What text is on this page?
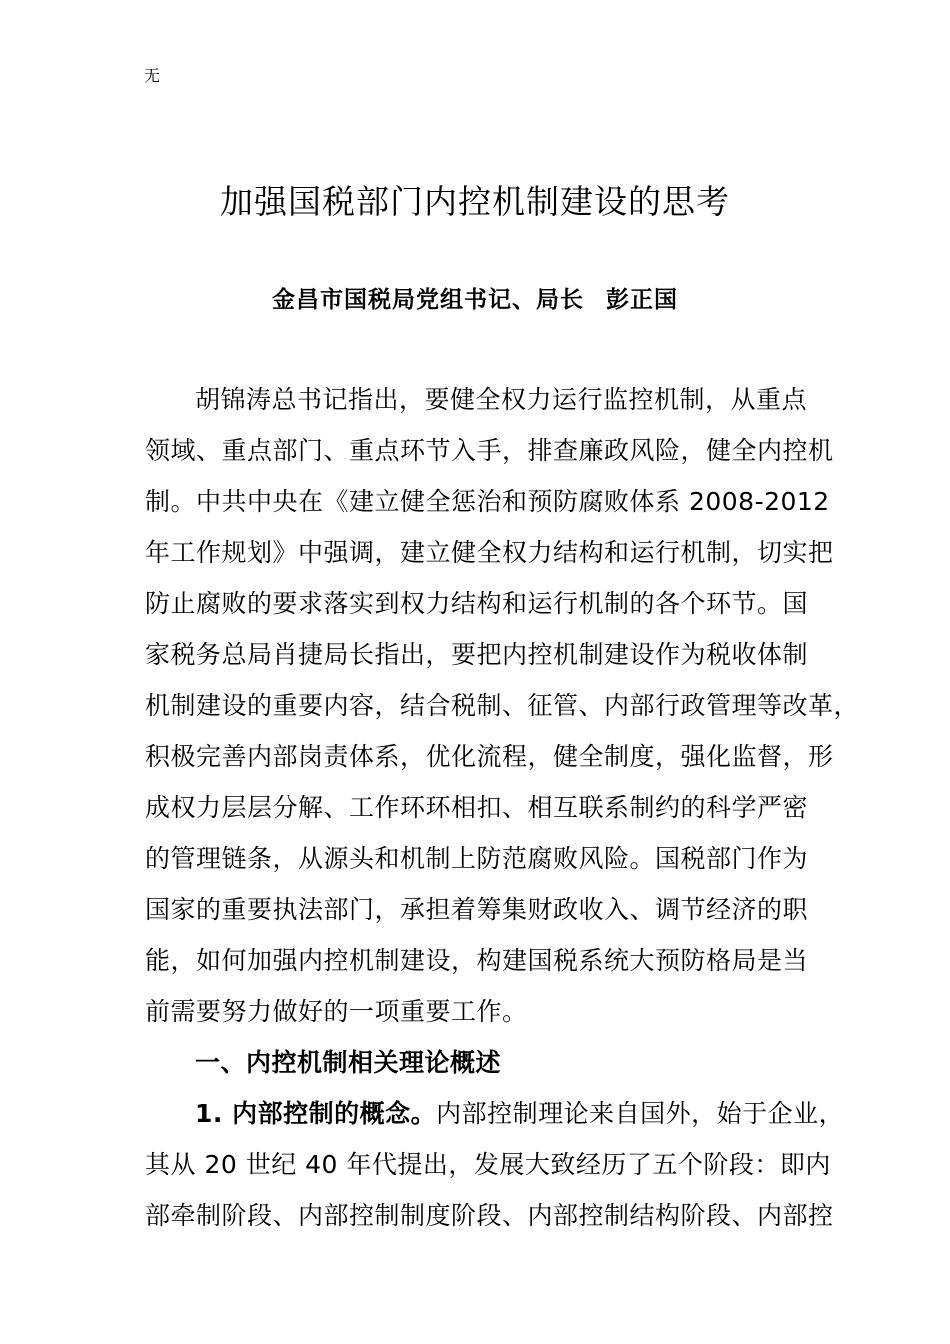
无
加强国税部门内控机制建设的思考
金昌市国税局党组书记、局长 彭正国
胡锦涛总书记指出，要健全权力运行监控机制，从重点
领域、重点部门、重点环节入手，排查廉政风险，健全内控机
制。中共中央在《建立健全惩治和预防腐败体系 2008-2012
年工作规划》中强调，建立健全权力结构和运行机制，切实把
防止腐败的要求落实到权力结构和运行机制的各个环节。国
家税务总局肖捷局长指出，要把内控机制建设作为税收体制
机制建设的重要内容，结合税制、征管、内部行政管理等改革，
积极完善内部岗责体系，优化流程，健全制度，强化监督，形
成权力层层分解、工作环环相扣、相互联系制约的科学严密
的管理链条，从源头和机制上防范腐败风险。国税部门作为
国家的重要执法部门，承担着筹集财政收入、调节经济的职
能，如何加强内控机制建设，构建国税系统大预防格局是当
前需要努力做好的一项重要工作。
一、内控机制相关理论概述
1. 内部控制的概念。内部控制理论来自国外，始于企业，
其从 20 世纪 40 年代提出，发展大致经历了五个阶段：即内
部牵制阶段、内部控制制度阶段、内部控制结构阶段、内部控
